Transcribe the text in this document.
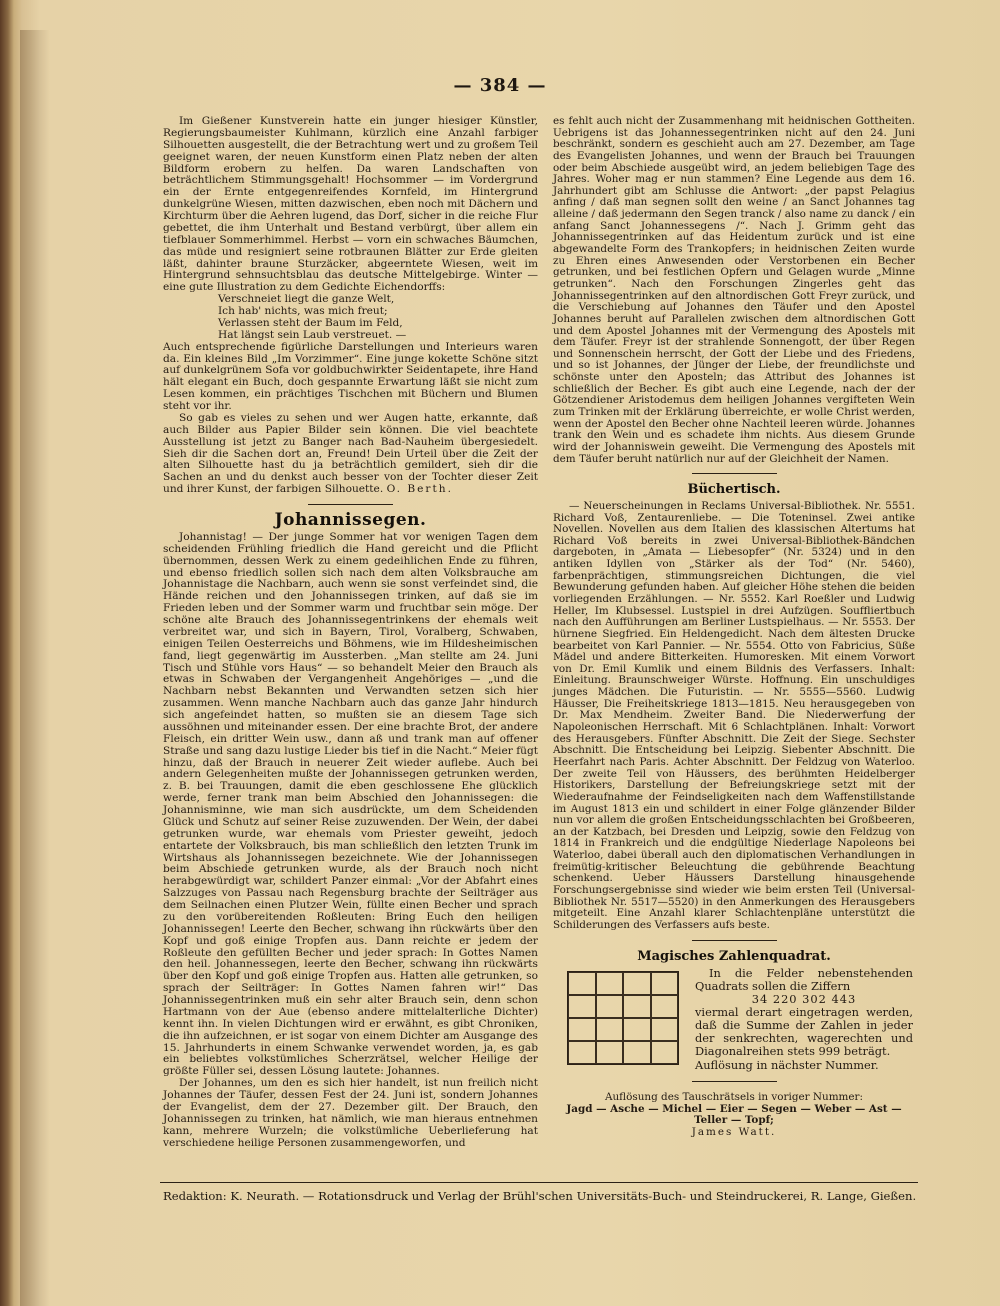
— 384 —

Im Gießener Kunstverein hatte ein junger hiesiger Künstler, Regierungsbaumeister Kuhlmann, kürzlich eine Anzahl farbiger Silhouetten ausgestellt, die der Betrachtung wert und zu großem Teil geeignet waren, der neuen Kunstform einen Platz neben der alten Bildform erobern zu helfen. Da waren Landschaften von beträchtlichem Stimmungsgehalt! Hochsommer — im Vordergrund ein der Ernte entgegenreifendes Kornfeld, im Hintergrund dunkelgrüne Wiesen, mitten dazwischen, eben noch mit Dächern und Kirchturm über die Aehren lugend, das Dorf, sicher in die reiche Flur gebettet, die ihm Unterhalt und Bestand verbürgt, über allem ein tiefblauer Sommerhimmel. Herbst — vorn ein schwaches Bäumchen, das müde und resigniert seine rotbraunen Blätter zur Erde gleiten läßt, dahinter braune Sturzäcker, abgeerntete Wiesen, weit im Hintergrund sehnsuchtsblau das deutsche Mittelgebirge. Winter — eine gute Illustration zu dem Gedichte Eichendorffs:

Verschneiet liegt die ganze Welt,
Ich hab' nichts, was mich freut;
Verlassen steht der Baum im Feld,
Hat längst sein Laub verstreuet. —

Auch entsprechende figürliche Darstellungen und Interieurs waren da. Ein kleines Bild „Im Vorzimmer“. Eine junge kokette Schöne sitzt auf dunkelgrünem Sofa vor goldbuchwirkter Seidentapete, ihre Hand hält elegant ein Buch, doch gespannte Erwartung läßt sie nicht zum Lesen kommen, ein prächtiges Tischchen mit Büchern und Blumen steht vor ihr.

So gab es vieles zu sehen und wer Augen hatte, erkannte, daß auch Bilder aus Papier Bilder sein können. Die viel beachtete Ausstellung ist jetzt zu Banger nach Bad-Nauheim übergesiedelt. Sieh dir die Sachen dort an, Freund! Dein Urteil über die Zeit der alten Silhouette hast du ja beträchtlich gemildert, sieh dir die Sachen an und du denkst auch besser von der Tochter dieser Zeit und ihrer Kunst, der farbigen Silhouette. O. Berth.

Johannissegen.

Johannistag! — Der junge Sommer hat vor wenigen Tagen dem scheidenden Frühling friedlich die Hand gereicht und die Pflicht übernommen, dessen Werk zu einem gedeihlichen Ende zu führen, und ebenso friedlich sollen sich nach dem alten Volksbrauche am Johannistage die Nachbarn, auch wenn sie sonst verfeindet sind, die Hände reichen und den Johannissegen trinken, auf daß sie im Frieden leben und der Sommer warm und fruchtbar sein möge. Der schöne alte Brauch des Johannissegentrinkens der ehemals weit verbreitet war, und sich in Bayern, Tirol, Voralberg, Schwaben, einigen Teilen Oesterreichs und Böhmens, wie im Hildesheimischen fand, liegt gegenwärtig im Aussterben. „Man stellte am 24. Juni Tisch und Stühle vors Haus“ — so behandelt Meier den Brauch als etwas in Schwaben der Vergangenheit Angehöriges — „und die Nachbarn nebst Bekannten und Verwandten setzen sich hier zusammen. Wenn manche Nachbarn auch das ganze Jahr hindurch sich angefeindet hatten, so mußten sie an diesem Tage sich aussöhnen und miteinander essen. Der eine brachte Brot, der andere Fleisch, ein dritter Wein usw., dann aß und trank man auf offener Straße und sang dazu lustige Lieder bis tief in die Nacht.“ Meier fügt hinzu, daß der Brauch in neuerer Zeit wieder auflebe. Auch bei andern Gelegenheiten mußte der Johannissegen getrunken werden, z. B. bei Trauungen, damit die eben geschlossene Ehe glücklich werde, ferner trank man beim Abschied den Johannissegen: die Johannisminne, wie man sich ausdrückte, um dem Scheidenden Glück und Schutz auf seiner Reise zuzuwenden. Der Wein, der dabei getrunken wurde, war ehemals vom Priester geweiht, jedoch entartete der Volksbrauch, bis man schließlich den letzten Trunk im Wirtshaus als Johannissegen bezeichnete. Wie der Johannissegen beim Abschiede getrunken wurde, als der Brauch noch nicht herabgewürdigt war, schildert Panzer einmal: „Vor der Abfahrt eines Salzzuges von Passau nach Regensburg brachte der Seilträger aus dem Seilnachen einen Plutzer Wein, füllte einen Becher und sprach zu den vorübereitenden Roßleuten: Bring Euch den heiligen Johannissegen! Leerte den Becher, schwang ihn rückwärts über den Kopf und goß einige Tropfen aus. Dann reichte er jedem der Roßleute den gefüllten Becher und jeder sprach: In Gottes Namen den heil. Johannessegen, leerte den Becher, schwang ihn rückwärts über den Kopf und goß einige Tropfen aus. Hatten alle getrunken, so sprach der Seilträger: In Gottes Namen fahren wir!“ Das Johannissegentrinken muß ein sehr alter Brauch sein, denn schon Hartmann von der Aue (ebenso andere mittelalterliche Dichter) kennt ihn. In vielen Dichtungen wird er erwähnt, es gibt Chroniken, die ihn aufzeichnen, er ist sogar von einem Dichter am Ausgange des 15. Jahrhunderts in einem Schwanke verwendet worden, ja, es gab ein beliebtes volkstümliches Scherzrätsel, welcher Heilige der größte Füller sei, dessen Lösung lautete: Johannes.

Der Johannes, um den es sich hier handelt, ist nun freilich nicht Johannes der Täufer, dessen Fest der 24. Juni ist, sondern Johannes der Evangelist, dem der 27. Dezember gilt. Der Brauch, den Johannissegen zu trinken, hat nämlich, wie man hieraus entnehmen kann, mehrere Wurzeln; die volkstümliche Ueberlieferung hat verschiedene heilige Personen zusammengeworfen, und

es fehlt auch nicht der Zusammenhang mit heidnischen Gottheiten. Uebrigens ist das Johannessegentrinken nicht auf den 24. Juni beschränkt, sondern es geschieht auch am 27. Dezember, am Tage des Evangelisten Johannes, und wenn der Brauch bei Trauungen oder beim Abschiede ausgeübt wird, an jedem beliebigen Tage des Jahres. Woher mag er nun stammen? Eine Legende aus dem 16. Jahrhundert gibt am Schlusse die Antwort: „der papst Pelagius anfing / daß man segnen sollt den weine / an Sanct Johannes tag alleine / daß jedermann den Segen tranck / also name zu danck / ein anfang Sanct Johannessegens /“. Nach J. Grimm geht das Johannissegentrinken auf das Heidentum zurück und ist eine abgewandelte Form des Trankopfers; in heidnischen Zeiten wurde zu Ehren eines Anwesenden oder Verstorbenen ein Becher getrunken, und bei festlichen Opfern und Gelagen wurde „Minne getrunken“. Nach den Forschungen Zingerles geht das Johannissegentrinken auf den altnordischen Gott Freyr zurück, und die Verschiebung auf Johannes den Täufer und den Apostel Johannes beruht auf Parallelen zwischen dem altnordischen Gott und dem Apostel Johannes mit der Vermengung des Apostels mit dem Täufer. Freyr ist der strahlende Sonnengott, der über Regen und Sonnenschein herrscht, der Gott der Liebe und des Friedens, und so ist Johannes, der Jünger der Liebe, der freundlichste und schönste unter den Aposteln; das Attribut des Johannes ist schließlich der Becher. Es gibt auch eine Legende, nach der der Götzendiener Aristodemus dem heiligen Johannes vergifteten Wein zum Trinken mit der Erklärung überreichte, er wolle Christ werden, wenn der Apostel den Becher ohne Nachteil leeren würde. Johannes trank den Wein und es schadete ihm nichts. Aus diesem Grunde wird der Johanniswein geweiht. Die Vermengung des Apostels mit dem Täufer beruht natürlich nur auf der Gleichheit der Namen.

Büchertisch.

— Neuerscheinungen in Reclams Universal-Bibliothek. Nr. 5551. Richard Voß, Zentaurenliebe. — Die Toteninsel. Zwei antike Novellen. Novellen aus dem Italien des klassischen Altertums hat Richard Voß bereits in zwei Universal-Bibliothek-Bändchen dargeboten, in „Amata — Liebesopfer“ (Nr. 5324) und in den antiken Idyllen von „Stärker als der Tod“ (Nr. 5460), farbenprächtigen, stimmungsreichen Dichtungen, die viel Bewunderung gefunden haben. Auf gleicher Höhe stehen die beiden vorliegenden Erzählungen. — Nr. 5552. Karl Roeßler und Ludwig Heller, Im Klubsessel. Lustspiel in drei Aufzügen. Souffliertbuch nach den Aufführungen am Berliner Lustspielhaus. — Nr. 5553. Der hürnene Siegfried. Ein Heldengedicht. Nach dem ältesten Drucke bearbeitet von Karl Pannier. — Nr. 5554. Otto von Fabricius, Süße Mädel und andere Bitterkeiten. Humoresken. Mit einem Vorwort von Dr. Emil Kumlik und einem Bildnis des Verfassers. Inhalt: Einleitung. Braunschweiger Würste. Hoffnung. Ein unschuldiges junges Mädchen. Die Futuristin. — Nr. 5555—5560. Ludwig Häusser, Die Freiheitskriege 1813—1815. Neu herausgegeben von Dr. Max Mendheim. Zweiter Band. Die Niederwerfung der Napoleonischen Herrschaft. Mit 6 Schlachtplänen. Inhalt: Vorwort des Herausgebers. Fünfter Abschnitt. Die Zeit der Siege. Sechster Abschnitt. Die Entscheidung bei Leipzig. Siebenter Abschnitt. Die Heerfahrt nach Paris. Achter Abschnitt. Der Feldzug von Waterloo. Der zweite Teil von Häussers, des berühmten Heidelberger Historikers, Darstellung der Befreiungskriege setzt mit der Wiederaufnahme der Feindseligkeiten nach dem Waffenstillstande im August 1813 ein und schildert in einer Folge glänzender Bilder nun vor allem die großen Entscheidungsschlachten bei Großbeeren, an der Katzbach, bei Dresden und Leipzig, sowie den Feldzug von 1814 in Frankreich und die endgültige Niederlage Napoleons bei Waterloo, dabei überall auch den diplomatischen Verhandlungen in freimütig-kritischer Beleuchtung die gebührende Beachtung schenkend. Ueber Häussers Darstellung hinausgehende Forschungsergebnisse sind wieder wie beim ersten Teil (Universal-Bibliothek Nr. 5517—5520) in den Anmerkungen des Herausgebers mitgeteilt. Eine Anzahl klarer Schlachtenpläne unterstützt die Schilderungen des Verfassers aufs beste.

Magisches Zahlenquadrat.
In die Felder nebenstehenden Quadrats sollen die Ziffern
34 220 302 443
viermal derart eingetragen werden, daß die Summe der Zahlen in jeder der senkrechten, wagerechten und Diagonalreihen stets 999 beträgt.
Auflösung in nächster Nummer.
Auflösung des Tauschrätsels in voriger Nummer:
Jagd — Asche — Michel — Eier — Segen — Weber — Ast —
Teller — Topf;
James Watt.
Redaktion: K. Neurath. — Rotationsdruck und Verlag der Brühl'schen Universitäts-Buch- und Steindruckerei, R. Lange, Gießen.
